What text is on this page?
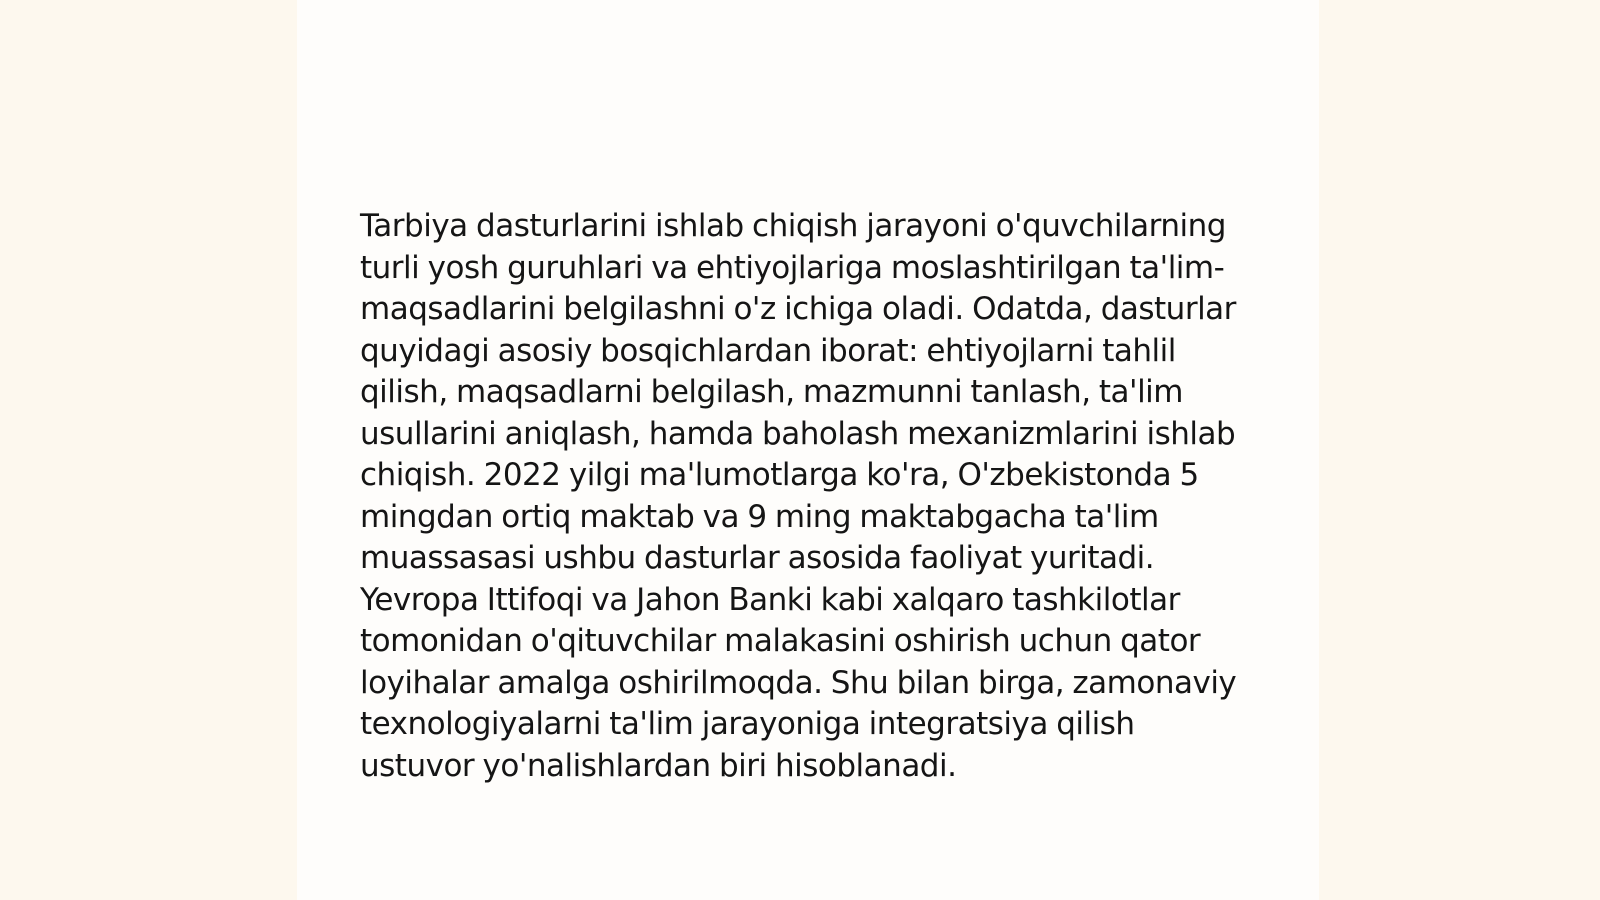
Tarbiya dasturlarini ishlab chiqish jarayoni o'quvchilarning turli yosh guruhlari va ehtiyojlariga moslashtirilgan ta'lim-maqsadlarini belgilashni o'z ichiga oladi. Odatda, dasturlar quyidagi asosiy bosqichlardan iborat: ehtiyojlarni tahlil qilish, maqsadlarni belgilash, mazmunni tanlash, ta'lim usullarini aniqlash, hamda baholash mexanizmlarini ishlab chiqish. 2022 yilgi ma'lumotlarga ko'ra, O'zbekistonda 5 mingdan ortiq maktab va 9 ming maktabgacha ta'lim muassasasi ushbu dasturlar asosida faoliyat yuritadi. Yevropa Ittifoqi va Jahon Banki kabi xalqaro tashkilotlar tomonidan o'qituvchilar malakasini oshirish uchun qator loyihalar amalga oshirilmoqda. Shu bilan birga, zamonaviy texnologiyalarni ta'lim jarayoniga integratsiya qilish ustuvor yo'nalishlardan biri hisoblanadi.
